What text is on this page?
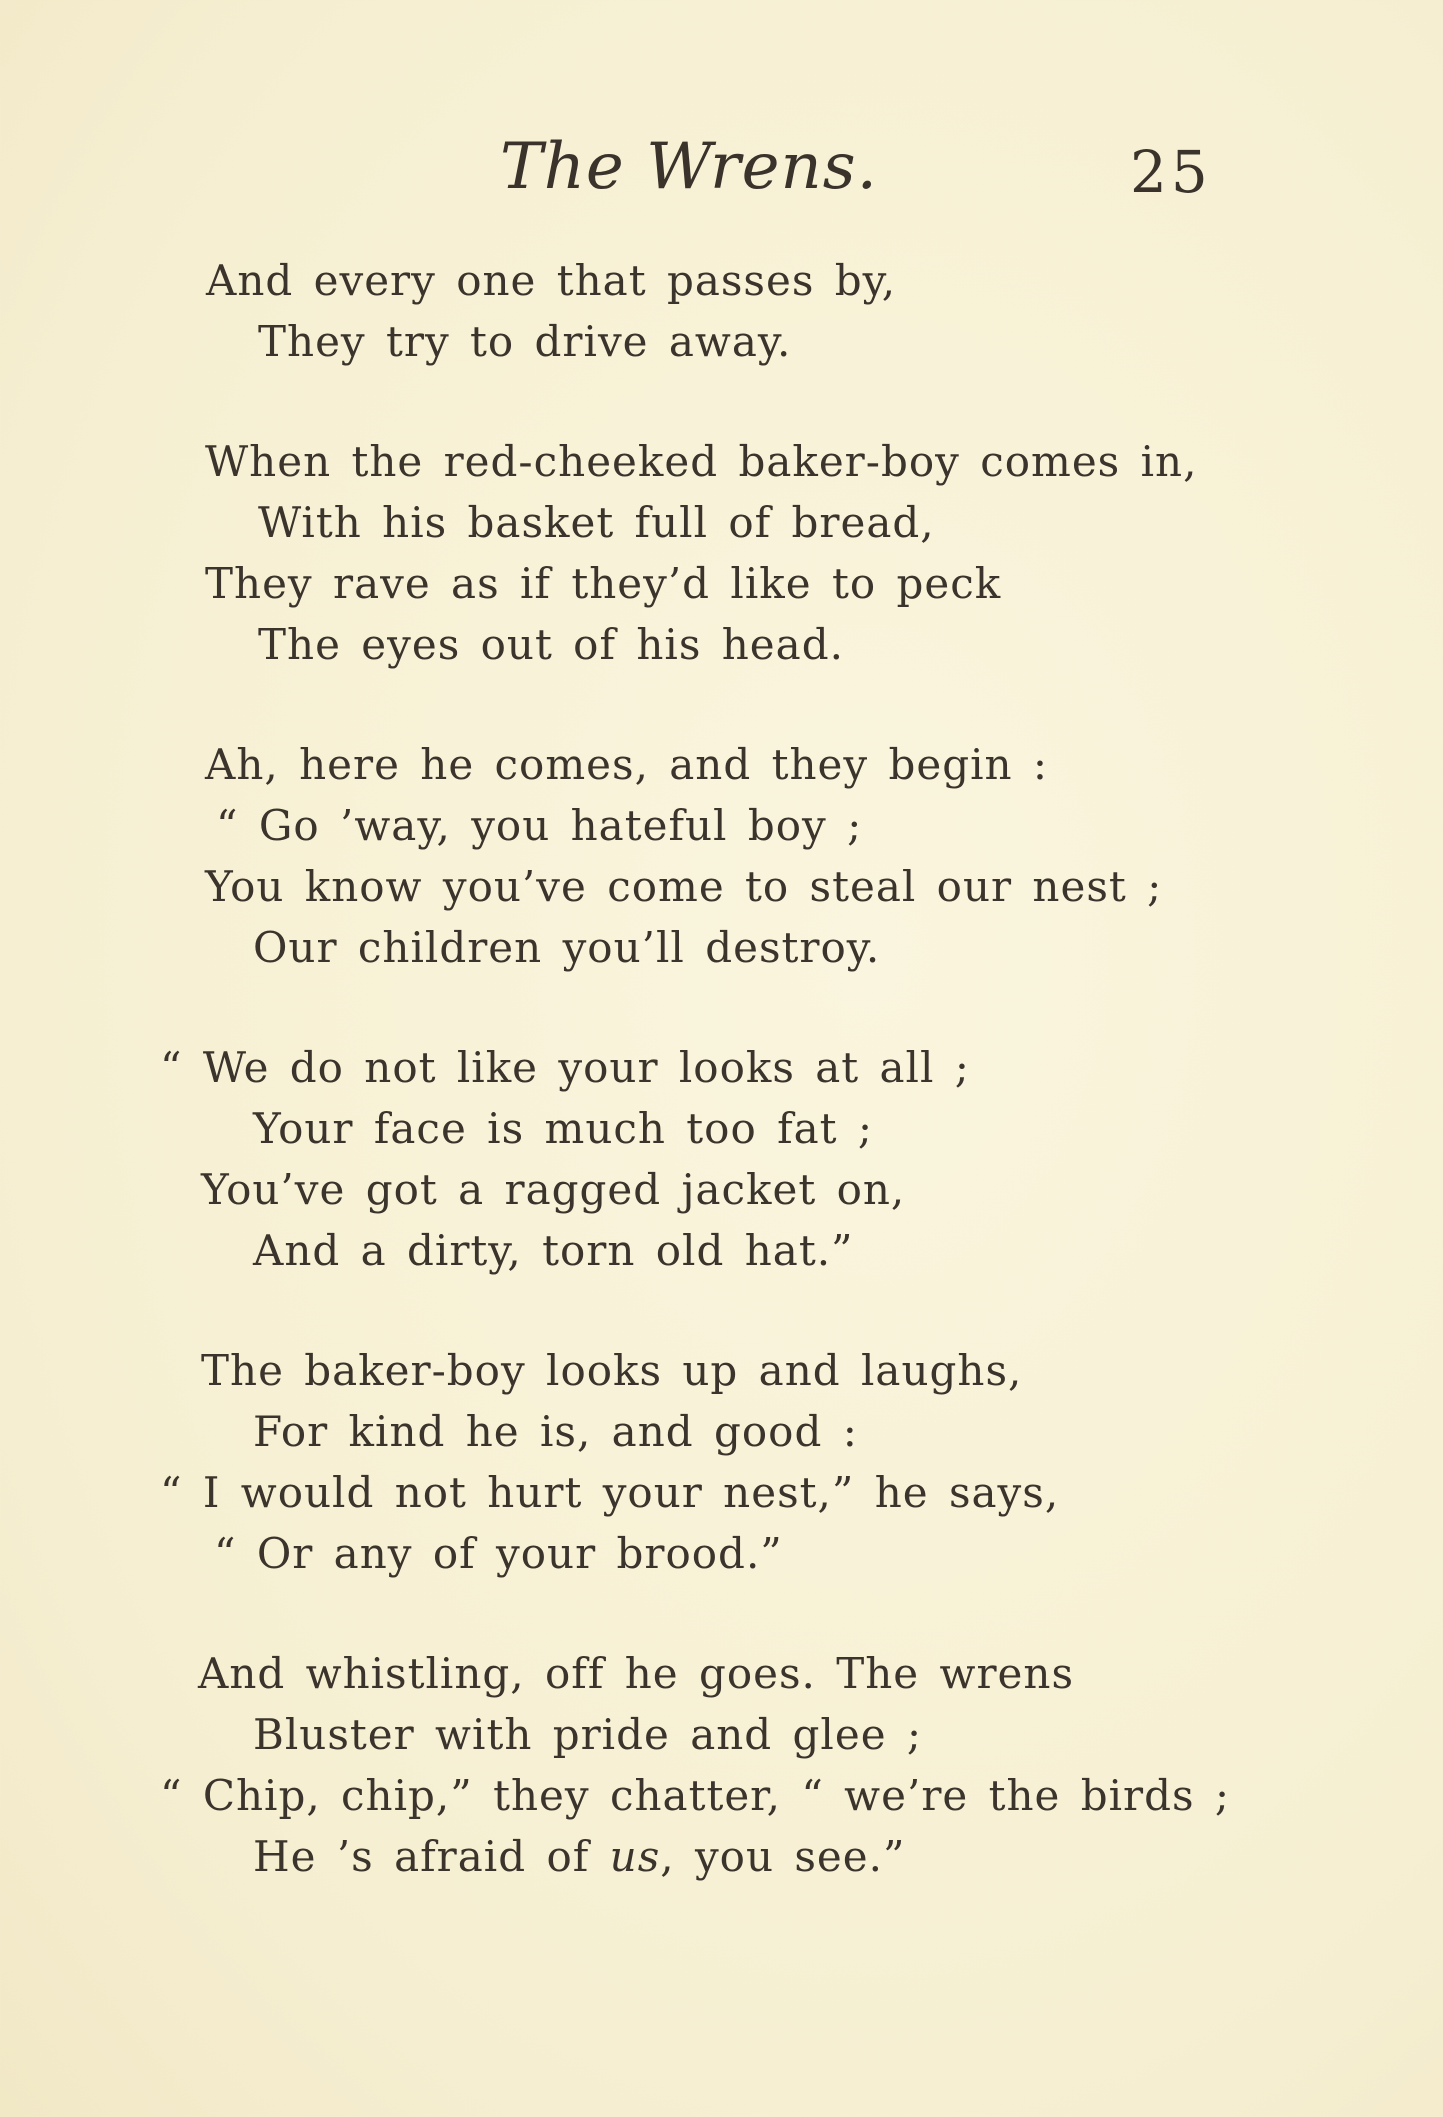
The Wrens.	25
And every one that passes by,
They try to drive away.
When the red-cheeked baker-boy comes in,
With his basket full of bread,
They rave as if they’d like to peck
The eyes out of his head.
Ah, here he comes, and they begin :
“ Go ’way, you hateful boy ;
You know you’ve come to steal our nest ;
Our children you’ll destroy.
“ We do not like your looks at all ;
Your face is much too fat ;
You’ve got a ragged jacket on,
And a dirty, torn old hat.”
The baker-boy looks up and laughs,
For kind he is, and good :
“ I would not hurt your nest,” he says,
“ Or any of your brood.”
And whistling, off he goes. The wrens
Bluster with pride and glee ;
“ Chip, chip,” they chatter, “ we’re the birds ;
He ’s afraid of us, you see.”
